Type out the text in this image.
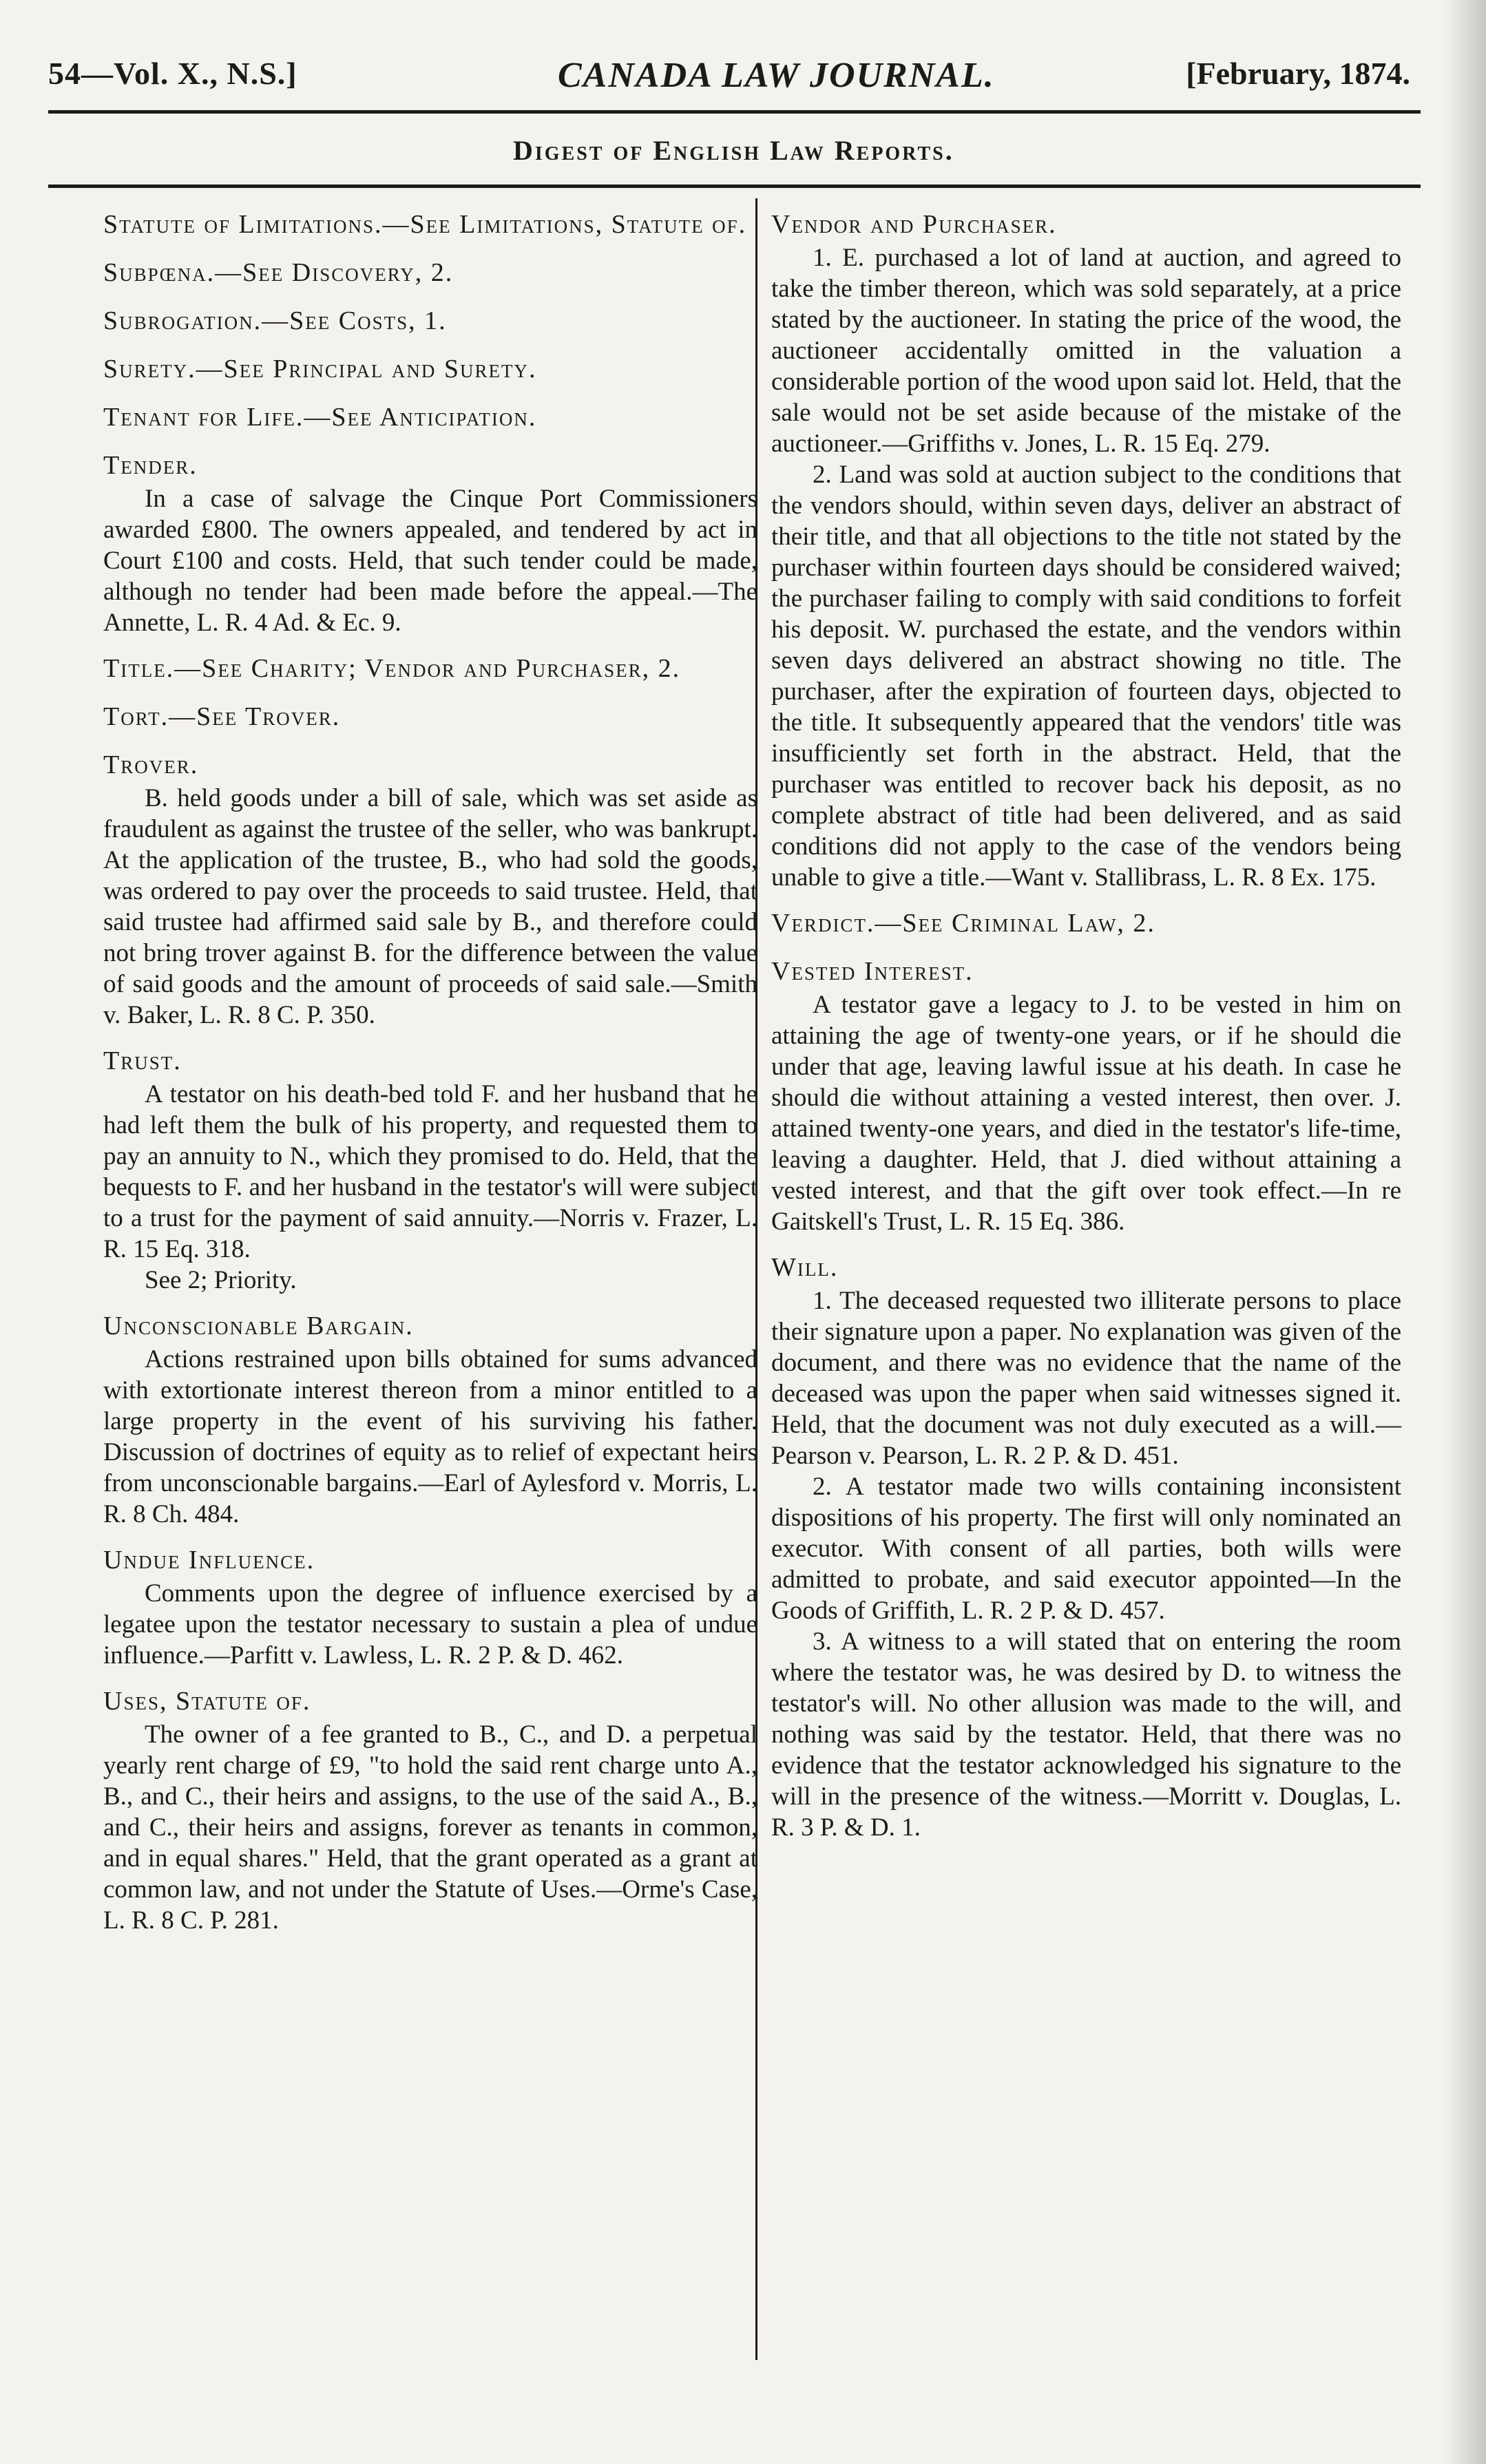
54—Vol. X., N.S.]	CANADA LAW JOURNAL.	[February, 1874.
Digest of English Law Reports.
Statute of Limitations.—See Limitations, Statute of.
Subpœna.—See Discovery, 2.
Subrogation.—See Costs, 1.
Surety.—See Principal and Surety.
Tenant for Life.—See Anticipation.
Tender.

In a case of salvage the Cinque Port Commissioners awarded £800. The owners appealed, and tendered by act in Court £100 and costs. Held, that such tender could be made, although no tender had been made before the appeal.—The Annette, L. R. 4 Ad. & Ec. 9.

Title.—See Charity; Vendor and Purchaser, 2.
Tort.—See Trover.
Trover.

B. held goods under a bill of sale, which was set aside as fraudulent as against the trustee of the seller, who was bankrupt. At the application of the trustee, B., who had sold the goods, was ordered to pay over the proceeds to said trustee. Held, that said trustee had affirmed said sale by B., and therefore could not bring trover against B. for the difference between the value of said goods and the amount of proceeds of said sale.—Smith v. Baker, L. R. 8 C. P. 350.

Trust.

A testator on his death-bed told F. and her husband that he had left them the bulk of his property, and requested them to pay an annuity to N., which they promised to do. Held, that the bequests to F. and her husband in the testator's will were subject to a trust for the payment of said annuity.—Norris v. Frazer, L. R. 15 Eq. 318.

See 2; Priority.
Unconscionable Bargain.

Actions restrained upon bills obtained for sums advanced with extortionate interest thereon from a minor entitled to a large property in the event of his surviving his father. Discussion of doctrines of equity as to relief of expectant heirs from unconscionable bargains.—Earl of Aylesford v. Morris, L. R. 8 Ch. 484.

Undue Influence.

Comments upon the degree of influence exercised by a legatee upon the testator necessary to sustain a plea of undue influence.—Parfitt v. Lawless, L. R. 2 P. & D. 462.

Uses, Statute of.

The owner of a fee granted to B., C., and D. a perpetual yearly rent charge of £9, "to hold the said rent charge unto A., B., and C., their heirs and assigns, to the use of the said A., B., and C., their heirs and assigns, forever as tenants in common, and in equal shares." Held, that the grant operated as a grant at common law, and not under the Statute of Uses.—Orme's Case, L. R. 8 C. P. 281.

Vendor and Purchaser.

1. E. purchased a lot of land at auction, and agreed to take the timber thereon, which was sold separately, at a price stated by the auctioneer. In stating the price of the wood, the auctioneer accidentally omitted in the valuation a considerable portion of the wood upon said lot. Held, that the sale would not be set aside because of the mistake of the auctioneer.—Griffiths v. Jones, L. R. 15 Eq. 279.

2. Land was sold at auction subject to the conditions that the vendors should, within seven days, deliver an abstract of their title, and that all objections to the title not stated by the purchaser within fourteen days should be considered waived; the purchaser failing to comply with said conditions to forfeit his deposit. W. purchased the estate, and the vendors within seven days delivered an abstract showing no title. The purchaser, after the expiration of fourteen days, objected to the title. It subsequently appeared that the vendors' title was insufficiently set forth in the abstract. Held, that the purchaser was entitled to recover back his deposit, as no complete abstract of title had been delivered, and as said conditions did not apply to the case of the vendors being unable to give a title.—Want v. Stallibrass, L. R. 8 Ex. 175.

Verdict.—See Criminal Law, 2.
Vested Interest.

A testator gave a legacy to J. to be vested in him on attaining the age of twenty-one years, or if he should die under that age, leaving lawful issue at his death. In case he should die without attaining a vested interest, then over. J. attained twenty-one years, and died in the testator's life-time, leaving a daughter. Held, that J. died without attaining a vested interest, and that the gift over took effect.—In re Gaitskell's Trust, L. R. 15 Eq. 386.

Will.

1. The deceased requested two illiterate persons to place their signature upon a paper. No explanation was given of the document, and there was no evidence that the name of the deceased was upon the paper when said witnesses signed it. Held, that the document was not duly executed as a will.—Pearson v. Pearson, L. R. 2 P. & D. 451.

2. A testator made two wills containing inconsistent dispositions of his property. The first will only nominated an executor. With consent of all parties, both wills were admitted to probate, and said executor appointed—In the Goods of Griffith, L. R. 2 P. & D. 457.

3. A witness to a will stated that on entering the room where the testator was, he was desired by D. to witness the testator's will. No other allusion was made to the will, and nothing was said by the testator. Held, that there was no evidence that the testator acknowledged his signature to the will in the presence of the witness.—Morritt v. Douglas, L. R. 3 P. & D. 1.
